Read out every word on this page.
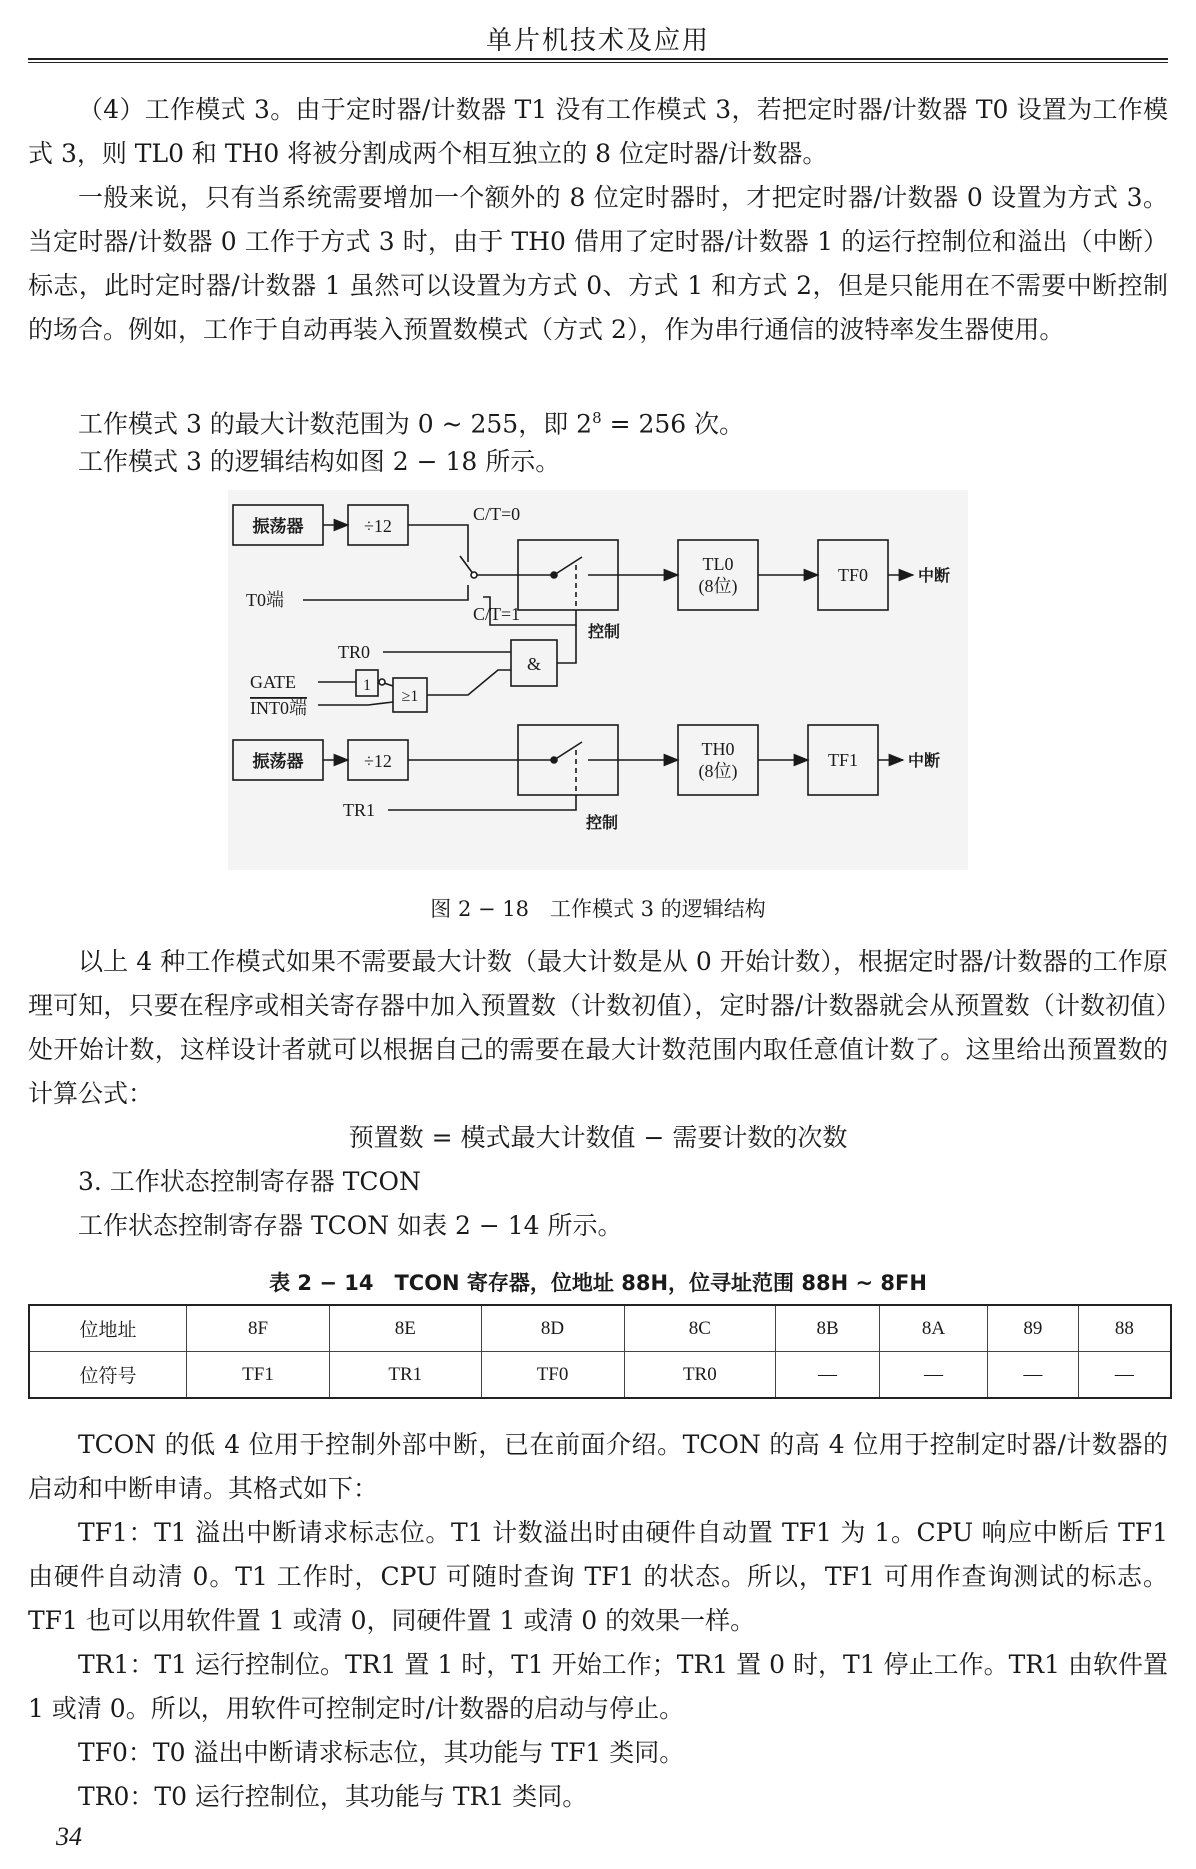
单片机技术及应用

（4）工作模式 3。由于定时器/计数器 T1 没有工作模式 3，若把定时器/计数器 T0 设置为工作模式 3，则 TL0 和 TH0 将被分割成两个相互独立的 8 位定时器/计数器。

一般来说，只有当系统需要增加一个额外的 8 位定时器时，才把定时器/计数器 0 设置为方式 3。当定时器/计数器 0 工作于方式 3 时，由于 TH0 借用了定时器/计数器 1 的运行控制位和溢出（中断）标志，此时定时器/计数器 1 虽然可以设置为方式 0、方式 1 和方式 2，但是只能用在不需要中断控制的场合。例如，工作于自动再装入预置数模式（方式 2），作为串行通信的波特率发生器使用。

工作模式 3 的最大计数范围为 0 ~ 255，即 $2^8 = 256$ 次。

工作模式 3 的逻辑结构如图 2 − 18 所示。

振荡器	÷12
C/T=0
C/T=1
T0端
TR0
&
1
≥1
GATE
INT0端
控制
TL0
(8位)
TF0	中断
振荡器	÷12
TH0
(8位)
TF1	中断
TR1
控制
图 2 − 18　工作模式 3 的逻辑结构

以上 4 种工作模式如果不需要最大计数（最大计数是从 0 开始计数），根据定时器/计数器的工作原理可知，只要在程序或相关寄存器中加入预置数（计数初值），定时器/计数器就会从预置数（计数初值）处开始计数，这样设计者就可以根据自己的需要在最大计数范围内取任意值计数了。这里给出预置数的计算公式：

预置数 = 模式最大计数值 − 需要计数的次数

3. 工作状态控制寄存器 TCON

工作状态控制寄存器 TCON 如表 2 − 14 所示。

表 2 − 14　TCON 寄存器，位地址 88H，位寻址范围 88H ~ 8FH
位地址	8F	8E	8D	8C	8B	8A	89	88
位符号	TF1	TR1	TF0	TR0	—	—	—	—

TCON 的低 4 位用于控制外部中断，已在前面介绍。TCON 的高 4 位用于控制定时器/计数器的启动和中断申请。其格式如下：

TF1：T1 溢出中断请求标志位。T1 计数溢出时由硬件自动置 TF1 为 1。CPU 响应中断后 TF1 由硬件自动清 0。T1 工作时，CPU 可随时查询 TF1 的状态。所以，TF1 可用作查询测试的标志。TF1 也可以用软件置 1 或清 0，同硬件置 1 或清 0 的效果一样。

TR1：T1 运行控制位。TR1 置 1 时，T1 开始工作；TR1 置 0 时，T1 停止工作。TR1 由软件置 1 或清 0。所以，用软件可控制定时/计数器的启动与停止。

TF0：T0 溢出中断请求标志位，其功能与 TF1 类同。

TR0：T0 运行控制位，其功能与 TR1 类同。

34
